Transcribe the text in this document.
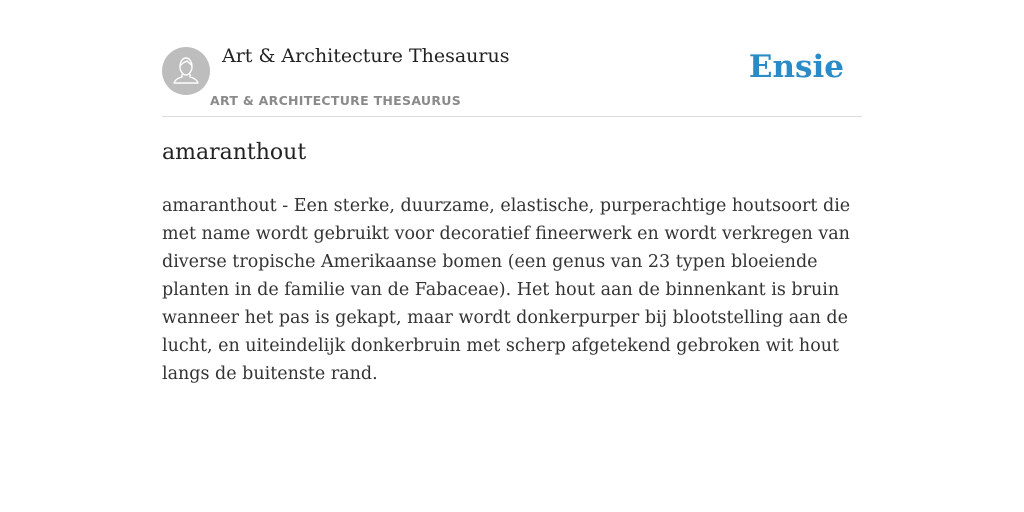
Art & Architecture Thesaurus
ART & ARCHITECTURE THESAURUS
Ensie
amaranthout

amaranthout - Een sterke, duurzame, elastische, purperachtige houtsoort die met name wordt gebruikt voor decoratief fineerwerk en wordt verkregen van diverse tropische Amerikaanse bomen (een genus van 23 typen bloeiende planten in de familie van de Fabaceae). Het hout aan de binnenkant is bruin wanneer het pas is gekapt, maar wordt donkerpurper bij blootstelling aan de lucht, en uiteindelijk donkerbruin met scherp afgetekend gebroken wit hout langs de buitenste rand.
